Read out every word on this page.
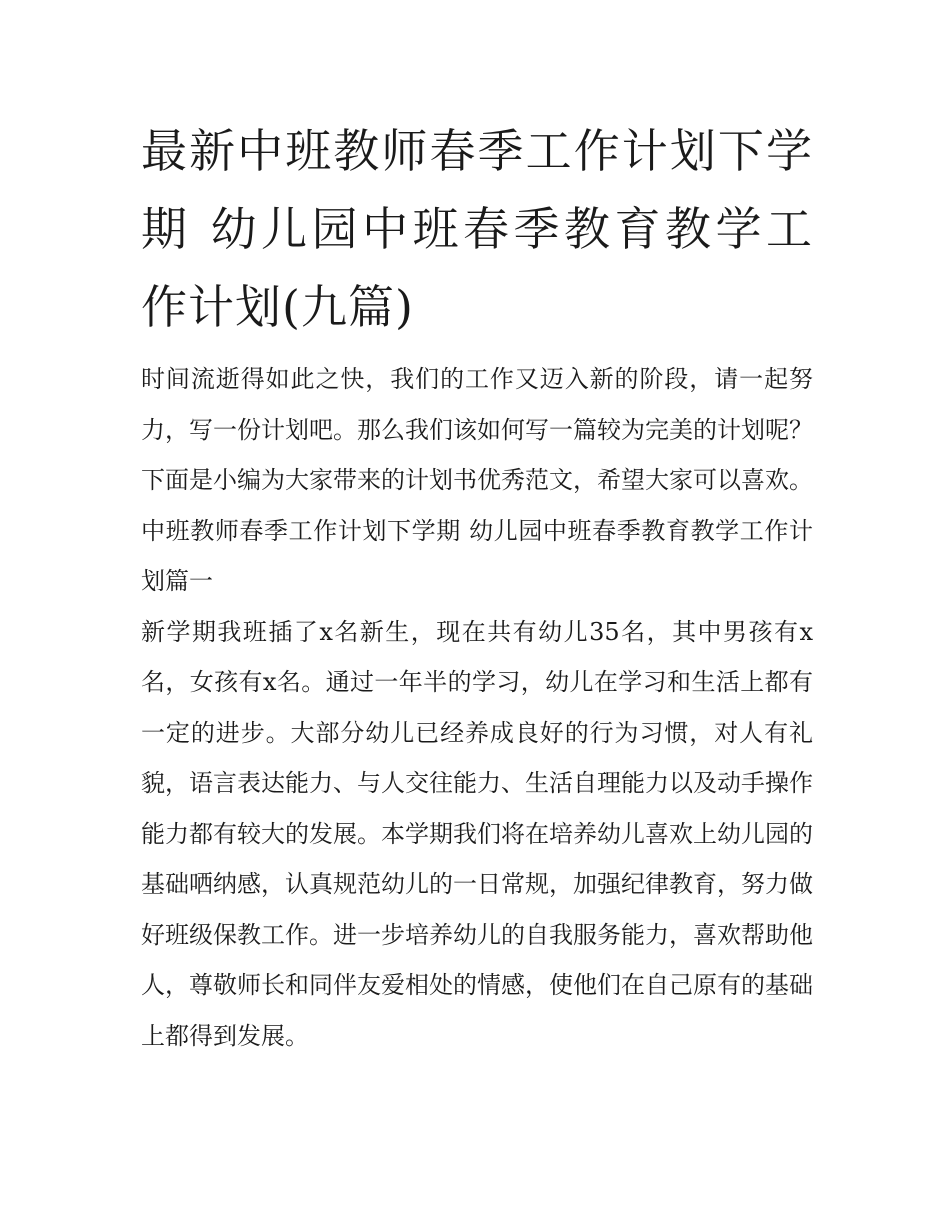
最新中班教师春季工作计划下学期 幼儿园中班春季教育教学工作计划(九篇)

时间流逝得如此之快，我们的工作又迈入新的阶段，请一起努力，写一份计划吧。那么我们该如何写一篇较为完美的计划呢？下面是小编为大家带来的计划书优秀范文，希望大家可以喜欢。

中班教师春季工作计划下学期 幼儿园中班春季教育教学工作计划篇一

新学期我班插了x名新生，现在共有幼儿35名，其中男孩有x名，女孩有x名。通过一年半的学习，幼儿在学习和生活上都有一定的进步。大部分幼儿已经养成良好的行为习惯，对人有礼貌，语言表达能力、与人交往能力、生活自理能力以及动手操作能力都有较大的发展。本学期我们将在培养幼儿喜欢上幼儿园的基础哂纳感，认真规范幼儿的一日常规，加强纪律教育，努力做好班级保教工作。进一步培养幼儿的自我服务能力，喜欢帮助他人，尊敬师长和同伴友爱相处的情感，使他们在自己原有的基础上都得到发展。
